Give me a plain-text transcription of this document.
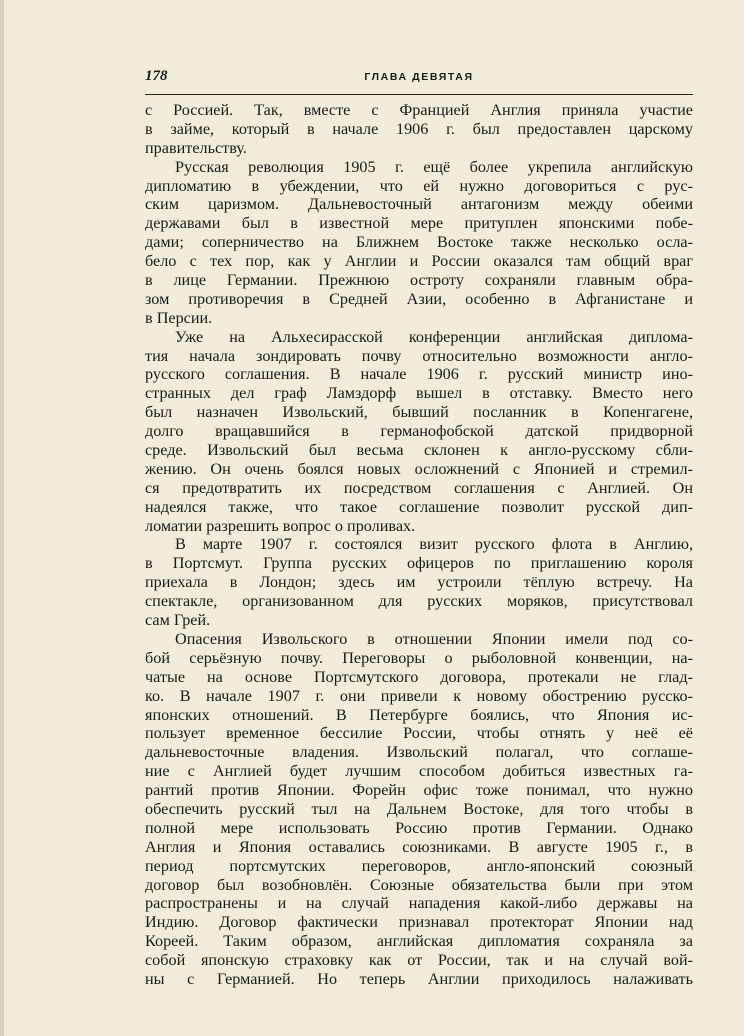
178	ГЛАВА ДЕВЯТАЯ
с Россией. Так, вместе с Францией Англия приняла участие
в займе, который в начале 1906 г. был предоставлен царскому
правительству.
Русская революция 1905 г. ещё более укрепила английскую
дипломатию в убеждении, что ей нужно договориться с рус-
ским царизмом. Дальневосточный антагонизм между обеими
державами был в известной мере притуплен японскими побе-
дами; соперничество на Ближнем Востоке также несколько осла-
бело с тех пор, как у Англии и России оказался там общий враг
в лице Германии. Прежнюю остроту сохраняли главным обра-
зом противоречия в Средней Азии, особенно в Афганистане и
в Персии.
Уже на Альхесирасской конференции английская диплома-
тия начала зондировать почву относительно возможности англо-
русского соглашения. В начале 1906 г. русский министр ино-
странных дел граф Ламздорф вышел в отставку. Вместо него
был назначен Извольский, бывший посланник в Копенгагене,
долго вращавшийся в германофобской датской придворной
среде. Извольский был весьма склонен к англо-русскому сбли-
жению. Он очень боялся новых осложнений с Японией и стремил-
ся предотвратить их посредством соглашения с Англией. Он
надеялся также, что такое соглашение позволит русской дип-
ломатии разрешить вопрос о проливах.
В марте 1907 г. состоялся визит русского флота в Англию,
в Портсмут. Группа русских офицеров по приглашению короля
приехала в Лондон; здесь им устроили тёплую встречу. На
спектакле, организованном для русских моряков, присутствовал
сам Грей.
Опасения Извольского в отношении Японии имели под со-
бой серьёзную почву. Переговоры о рыболовной конвенции, на-
чатые на основе Портсмутского договора, протекали не глад-
ко. В начале 1907 г. они привели к новому обострению русско-
японских отношений. В Петербурге боялись, что Япония ис-
пользует временное бессилие России, чтобы отнять у неё её
дальневосточные владения. Извольский полагал, что соглаше-
ние с Англией будет лучшим способом добиться известных га-
рантий против Японии. Форейн офис тоже понимал, что нужно
обеспечить русский тыл на Дальнем Востоке, для того чтобы в
полной мере использовать Россию против Германии. Однако
Англия и Япония оставались союзниками. В августе 1905 г., в
период портсмутских переговоров, англо-японский союзный
договор был возобновлён. Союзные обязательства были при этом
распространены и на случай нападения какой-либо державы на
Индию. Договор фактически признавал протекторат Японии над
Кореей. Таким образом, английская дипломатия сохраняла за
собой японскую страховку как от России, так и на случай вой-
ны с Германией. Но теперь Англии приходилось налаживать
